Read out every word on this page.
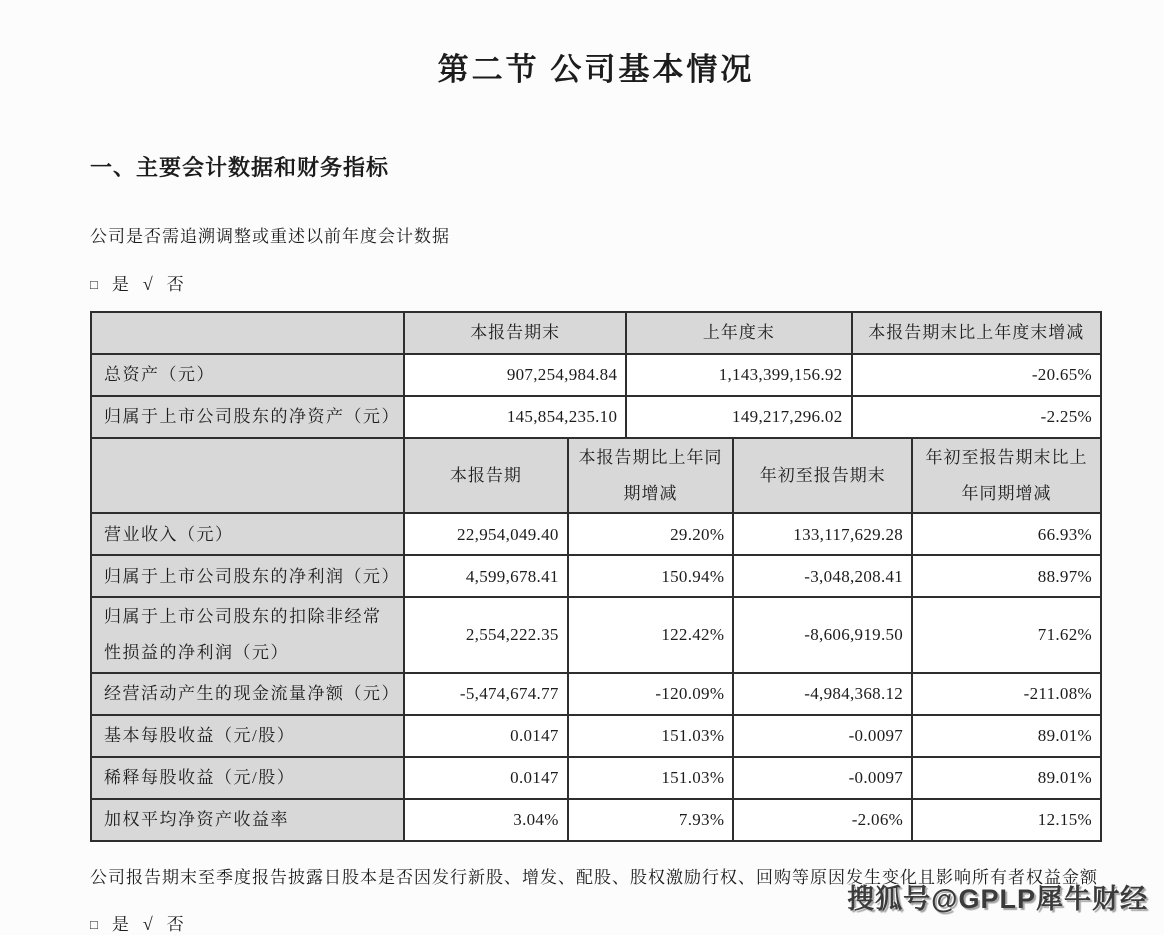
第二节 公司基本情况
一、主要会计数据和财务指标

公司是否需追溯调整或重述以前年度会计数据

□ 是 √ 否
	本报告期末	上年度末	本报告期末比上年度末增减
总资产（元）	907,254,984.84	1,143,399,156.92	-20.65%
归属于上市公司股东的净资产（元）	145,854,235.10	149,217,296.02	-2.25%
	本报告期	本报告期比上年同期增减	年初至报告期末	年初至报告期末比上年同期增减
营业收入（元）	22,954,049.40	29.20%	133,117,629.28	66.93%
归属于上市公司股东的净利润（元）	4,599,678.41	150.94%	-3,048,208.41	88.97%
归属于上市公司股东的扣除非经常性损益的净利润（元）	2,554,222.35	122.42%	-8,606,919.50	71.62%
经营活动产生的现金流量净额（元）	-5,474,674.77	-120.09%	-4,984,368.12	-211.08%
基本每股收益（元/股）	0.0147	151.03%	-0.0097	89.01%
稀释每股收益（元/股）	0.0147	151.03%	-0.0097	89.01%
加权平均净资产收益率	3.04%	7.93%	-2.06%	12.15%

公司报告期末至季度报告披露日股本是否因发行新股、增发、配股、股权激励行权、回购等原因发生变化且影响所有者权益金额

□ 是 √ 否
搜狐号@GPLP犀牛财经
